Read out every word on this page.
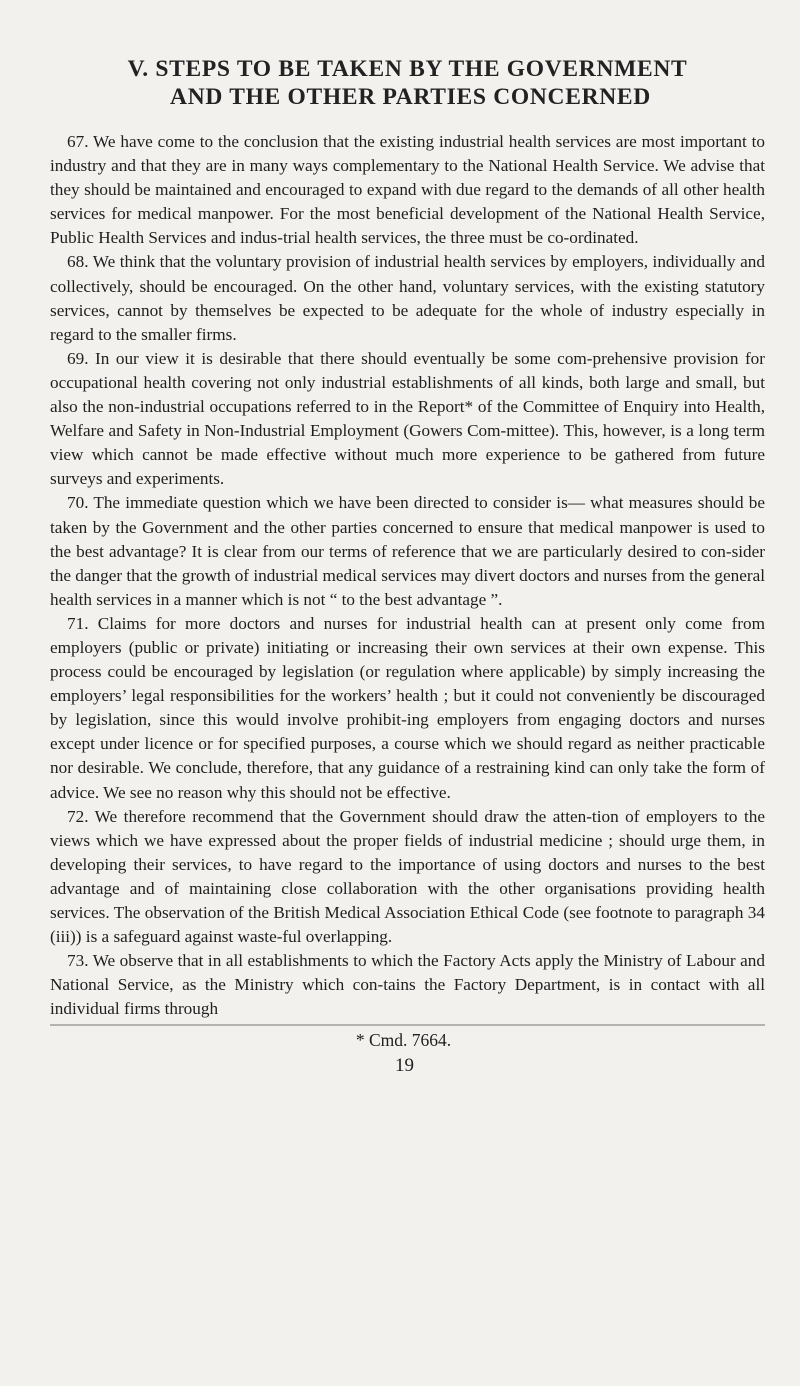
V. STEPS TO BE TAKEN BY THE GOVERNMENT
AND THE OTHER PARTIES CONCERNED

67. We have come to the conclusion that the existing industrial health services are most important to industry and that they are in many ways complementary to the National Health Service. We advise that they should be maintained and encouraged to expand with due regard to the demands of all other health services for medical manpower. For the most beneficial development of the National Health Service, Public Health Services and indus-trial health services, the three must be co-ordinated.

68. We think that the voluntary provision of industrial health services by employers, individually and collectively, should be encouraged. On the other hand, voluntary services, with the existing statutory services, cannot by themselves be expected to be adequate for the whole of industry especially in regard to the smaller firms.

69. In our view it is desirable that there should eventually be some com-prehensive provision for occupational health covering not only industrial establishments of all kinds, both large and small, but also the non-industrial occupations referred to in the Report* of the Committee of Enquiry into Health, Welfare and Safety in Non-Industrial Employment (Gowers Com-mittee). This, however, is a long term view which cannot be made effective without much more experience to be gathered from future surveys and experiments.

70. The immediate question which we have been directed to consider is— what measures should be taken by the Government and the other parties concerned to ensure that medical manpower is used to the best advantage? It is clear from our terms of reference that we are particularly desired to con-sider the danger that the growth of industrial medical services may divert doctors and nurses from the general health services in a manner which is not “ to the best advantage ”.

71. Claims for more doctors and nurses for industrial health can at present only come from employers (public or private) initiating or increasing their own services at their own expense. This process could be encouraged by legislation (or regulation where applicable) by simply increasing the employers’ legal responsibilities for the workers’ health ; but it could not conveniently be discouraged by legislation, since this would involve prohibit-ing employers from engaging doctors and nurses except under licence or for specified purposes, a course which we should regard as neither practicable nor desirable. We conclude, therefore, that any guidance of a restraining kind can only take the form of advice. We see no reason why this should not be effective.

72. We therefore recommend that the Government should draw the atten-tion of employers to the views which we have expressed about the proper fields of industrial medicine ; should urge them, in developing their services, to have regard to the importance of using doctors and nurses to the best advantage and of maintaining close collaboration with the other organisations providing health services. The observation of the British Medical Association Ethical Code (see footnote to paragraph 34 (iii)) is a safeguard against waste-ful overlapping.

73. We observe that in all establishments to which the Factory Acts apply the Ministry of Labour and National Service, as the Ministry which con-tains the Factory Department, is in contact with all individual firms through

* Cmd. 7664.

19
